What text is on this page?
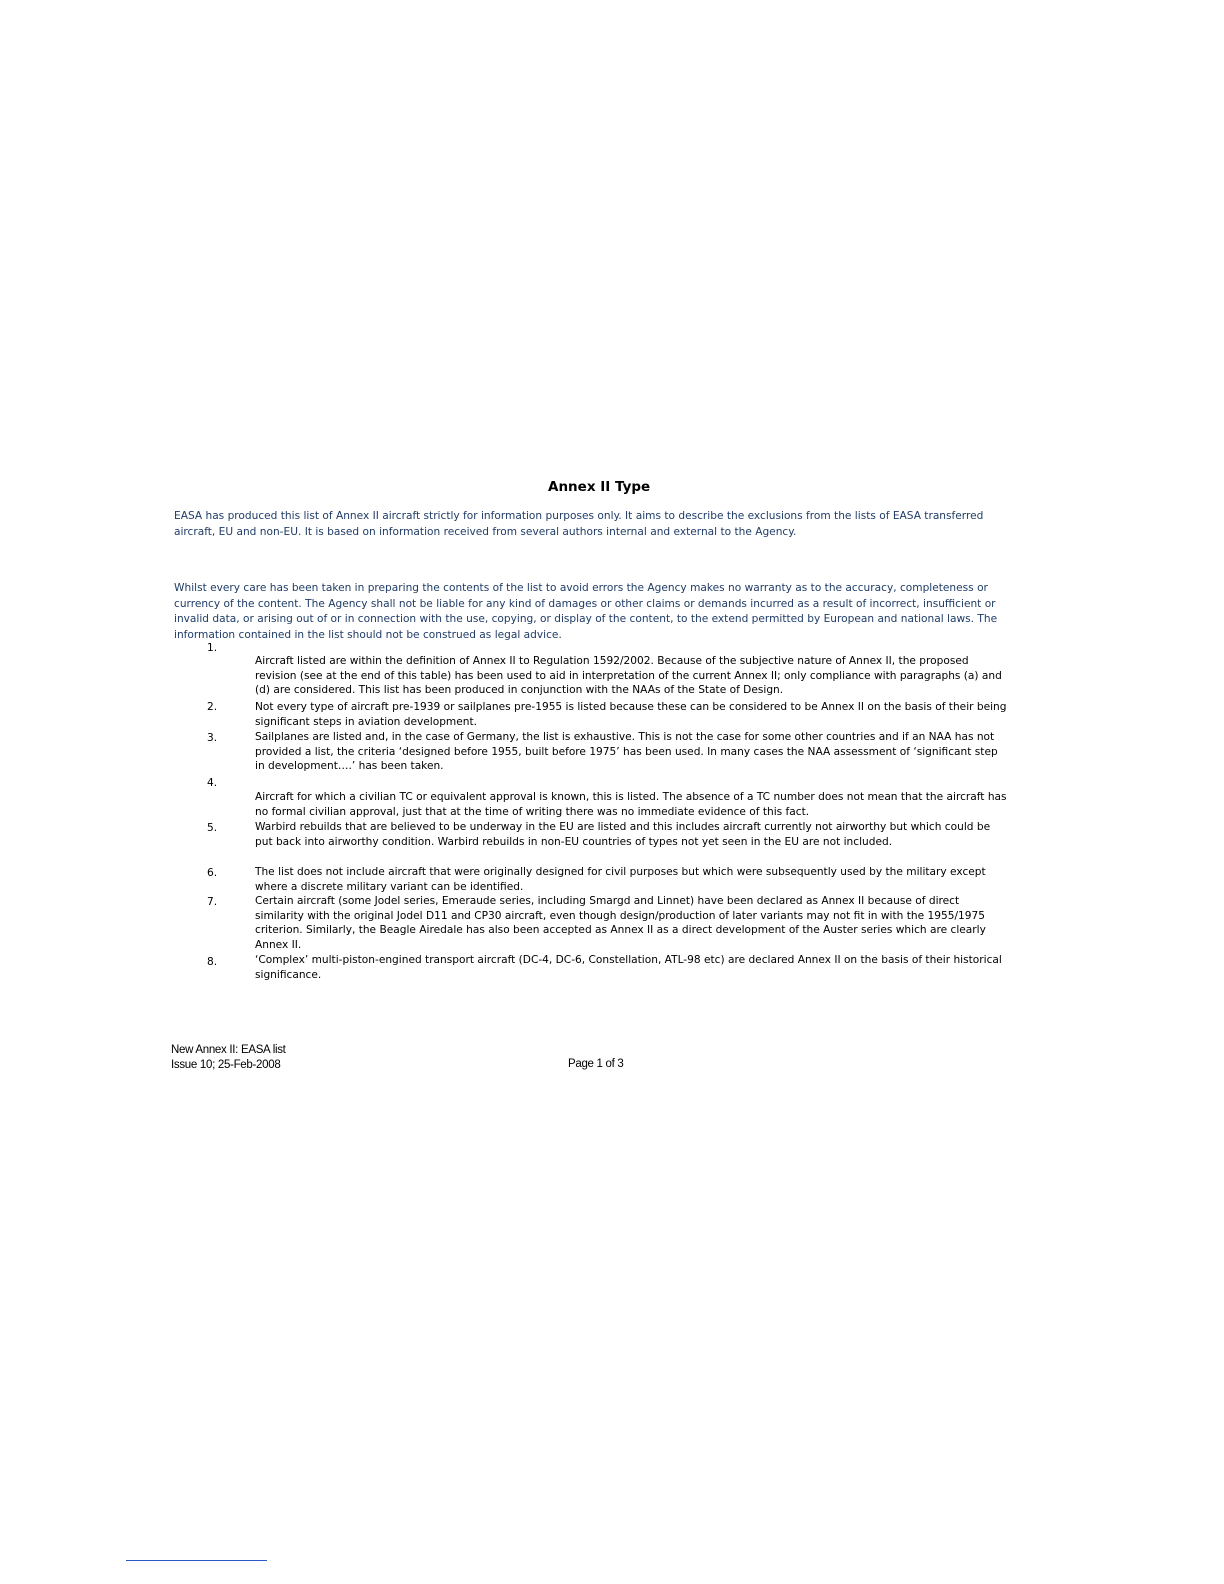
Annex II Type

EASA has produced this list of Annex II aircraft strictly for information purposes only. It aims to describe the exclusions from the lists of EASA transferred aircraft, EU and non-EU. It is based on information received from several authors internal and external to the Agency.

Whilst every care has been taken in preparing the contents of the list to avoid errors the Agency makes no warranty as to the accuracy, completeness or currency of the content. The Agency shall not be liable for any kind of damages or other claims or demands incurred as a result of incorrect, insufficient or invalid data, or arising out of or in connection with the use, copying, or display of the content, to the extend permitted by European and national laws. The information contained in the list should not be construed as legal advice.

1.

Aircraft listed are within the definition of Annex II to Regulation 1592/2002. Because of the subjective nature of Annex II, the proposed revision (see at the end of this table) has been used to aid in interpretation of the current Annex II; only compliance with paragraphs (a) and (d) are considered. This list has been produced in conjunction with the NAAs of the State of Design.

2.	Not every type of aircraft pre-1939 or sailplanes pre-1955 is listed because these can be considered to be Annex II on the basis of their being significant steps in aviation development.

3.	Sailplanes are listed and, in the case of Germany, the list is exhaustive. This is not the case for some other countries and if an NAA has not provided a list, the criteria ‘designed before 1955, built before 1975’ has been used. In many cases the NAA assessment of ‘significant step in development….’ has been taken.

4.

Aircraft for which a civilian TC or equivalent approval is known, this is listed. The absence of a TC number does not mean that the aircraft has no formal civilian approval, just that at the time of writing there was no immediate evidence of this fact.

5.	Warbird rebuilds that are believed to be underway in the EU are listed and this includes aircraft currently not airworthy but which could be put back into airworthy condition. Warbird rebuilds in non-EU countries of types not yet seen in the EU are not included.

6.	The list does not include aircraft that were originally designed for civil purposes but which were subsequently used by the military except where a discrete military variant can be identified.

7.	Certain aircraft (some Jodel series, Emeraude series, including Smargd and Linnet) have been declared as Annex II because of direct similarity with the original Jodel D11 and CP30 aircraft, even though design/production of later variants may not fit in with the 1955/1975 criterion. Similarly, the Beagle Airedale has also been accepted as Annex II as a direct development of the Auster series which are clearly Annex II.

8.	‘Complex’ multi-piston-engined transport aircraft (DC-4, DC-6, Constellation, ATL-98 etc) are declared Annex II on the basis of their historical significance.

New Annex II: EASA list
Issue 10; 25-Feb-2008	Page 1 of 3
